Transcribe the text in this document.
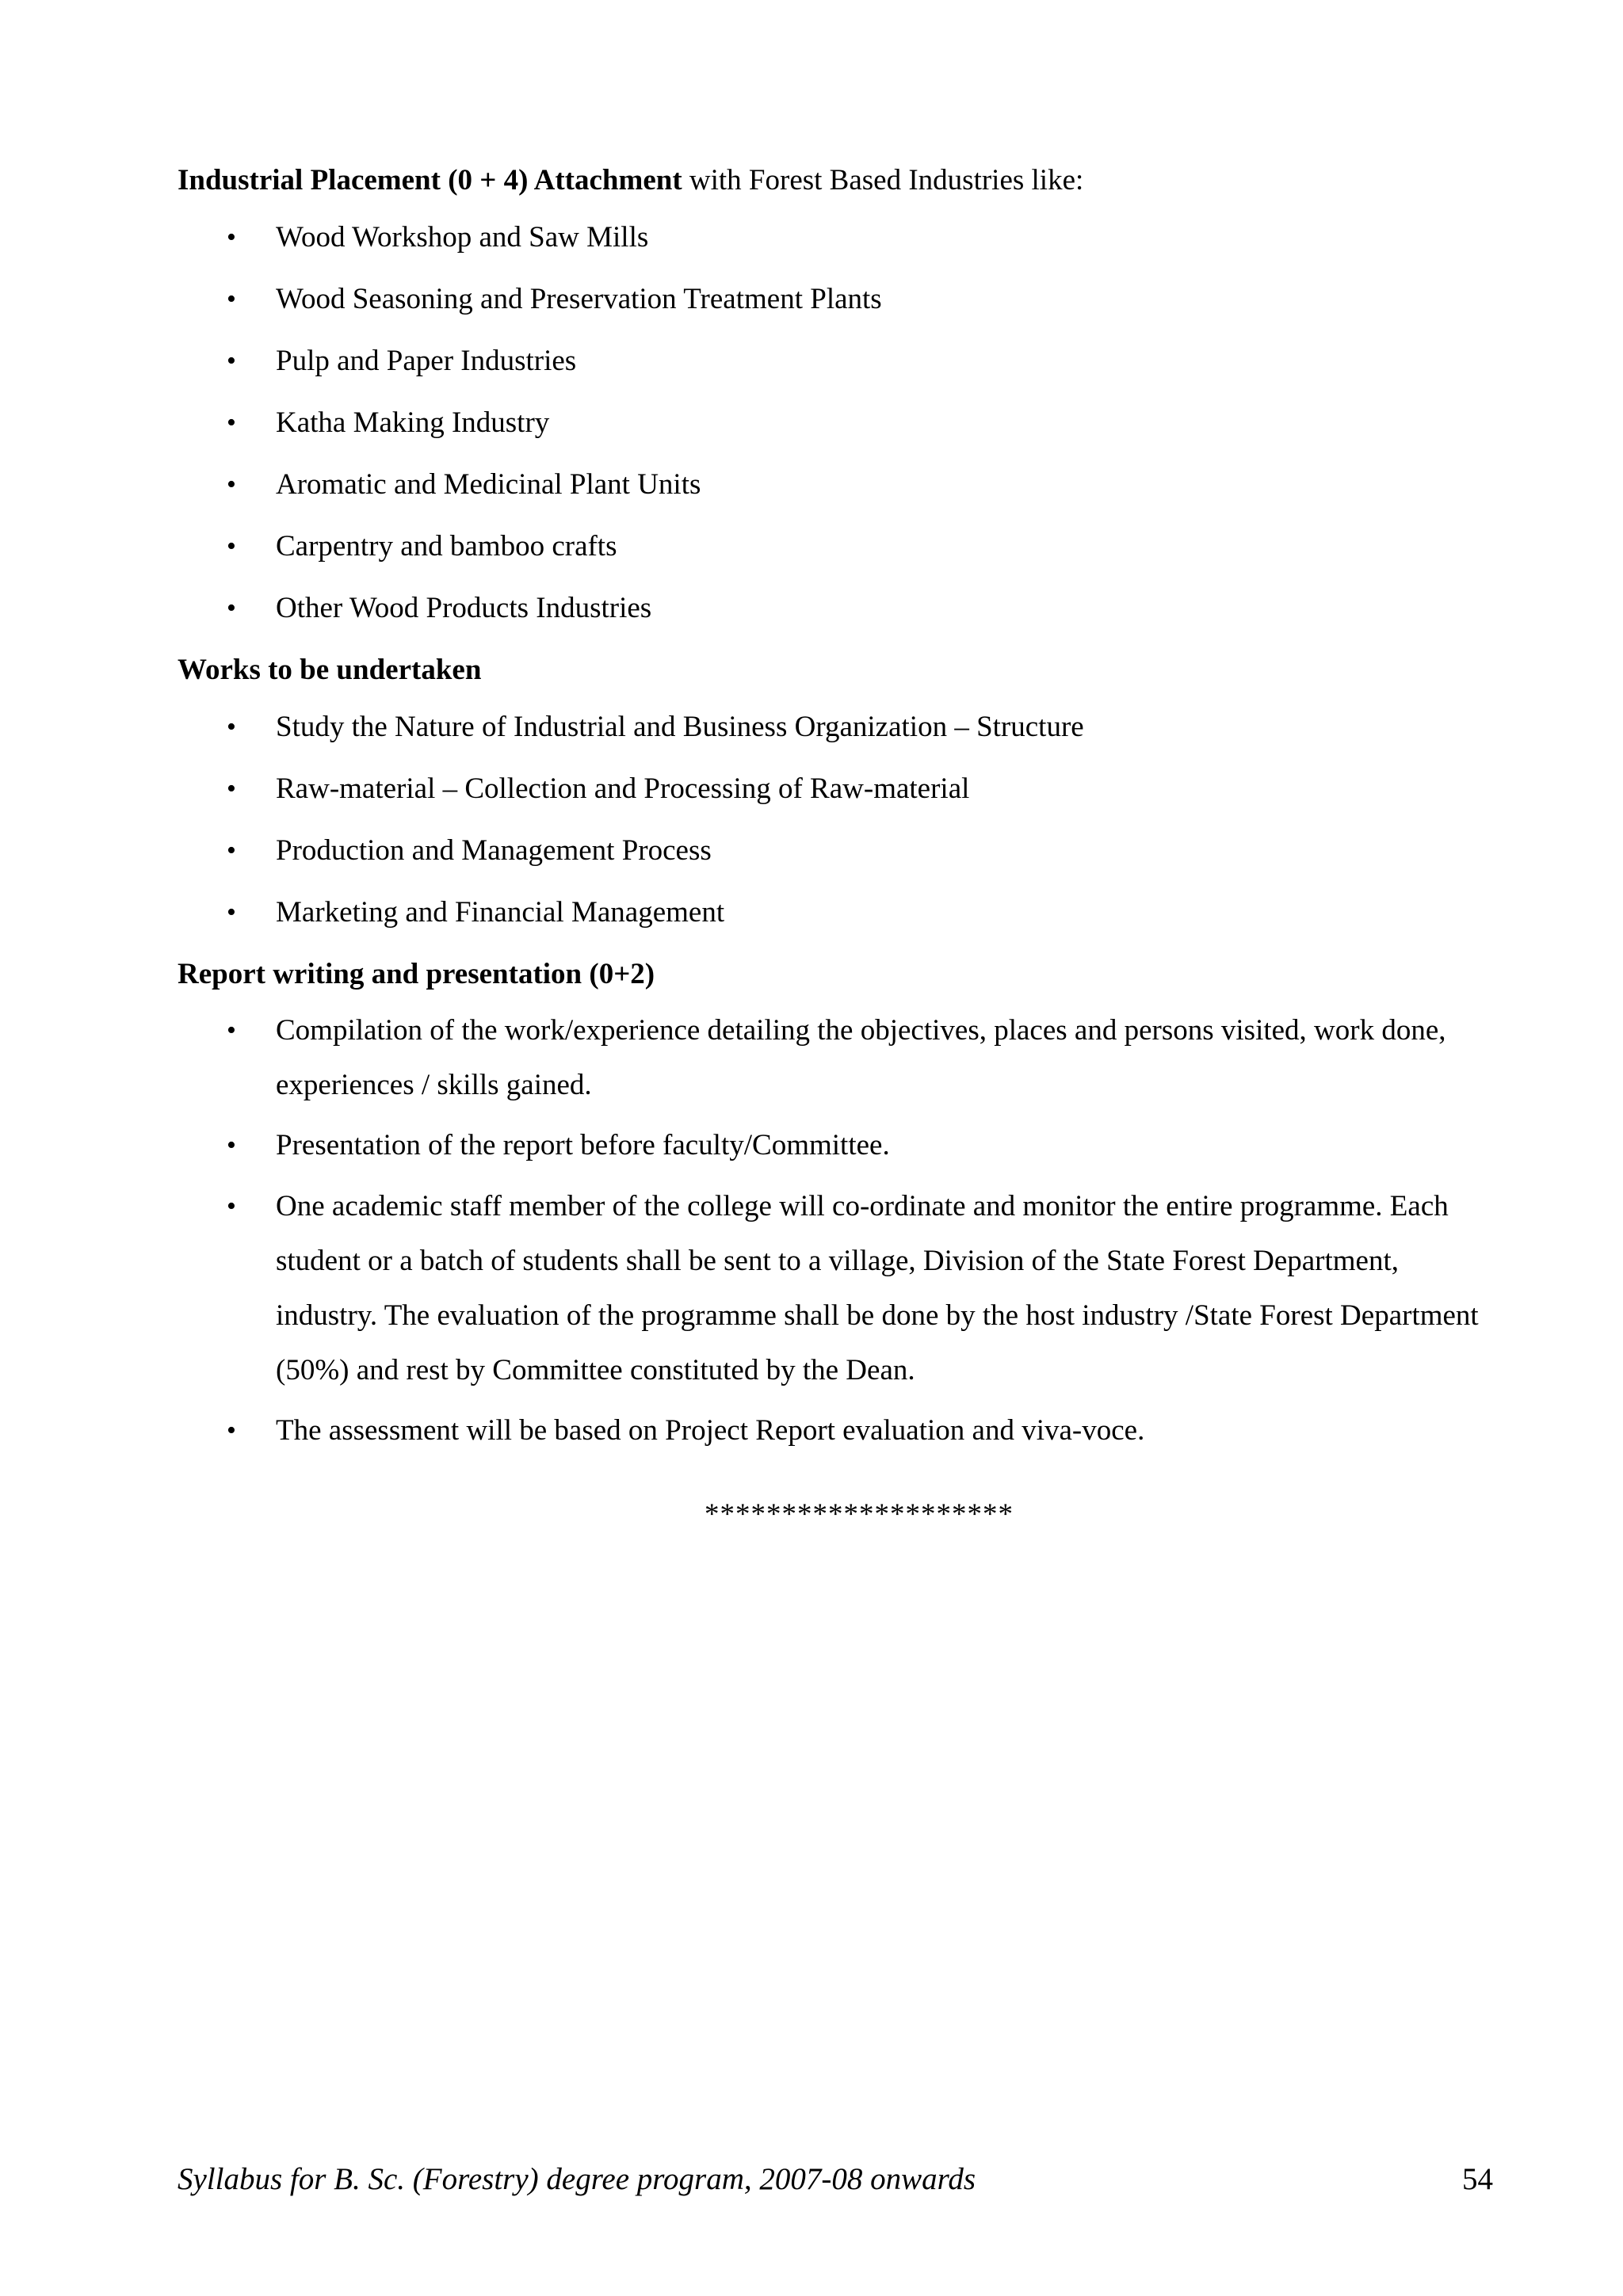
Industrial Placement (0 + 4) Attachment with Forest Based Industries like:

• Wood Workshop and Saw Mills
• Wood Seasoning and Preservation Treatment Plants
• Pulp and Paper Industries
• Katha Making Industry
• Aromatic and Medicinal Plant Units
• Carpentry and bamboo crafts
• Other Wood Products Industries

Works to be undertaken

• Study the Nature of Industrial and Business Organization – Structure
• Raw-material – Collection and Processing of Raw-material
• Production and Management Process
• Marketing and Financial Management

Report writing and presentation (0+2)

• Compilation of the work/experience detailing the objectives, places and persons visited, work done, experiences / skills gained.
• Presentation of the report before faculty/Committee.
• One academic staff member of the college will co-ordinate and monitor the entire programme. Each student or a batch of students shall be sent to a village, Division of the State Forest Department, industry. The evaluation of the programme shall be done by the host industry /State Forest Department (50%) and rest by Committee constituted by the Dean.
• The assessment will be based on Project Report evaluation and viva-voce.
********************
Syllabus for B. Sc. (Forestry) degree program, 2007-08 onwards	54
